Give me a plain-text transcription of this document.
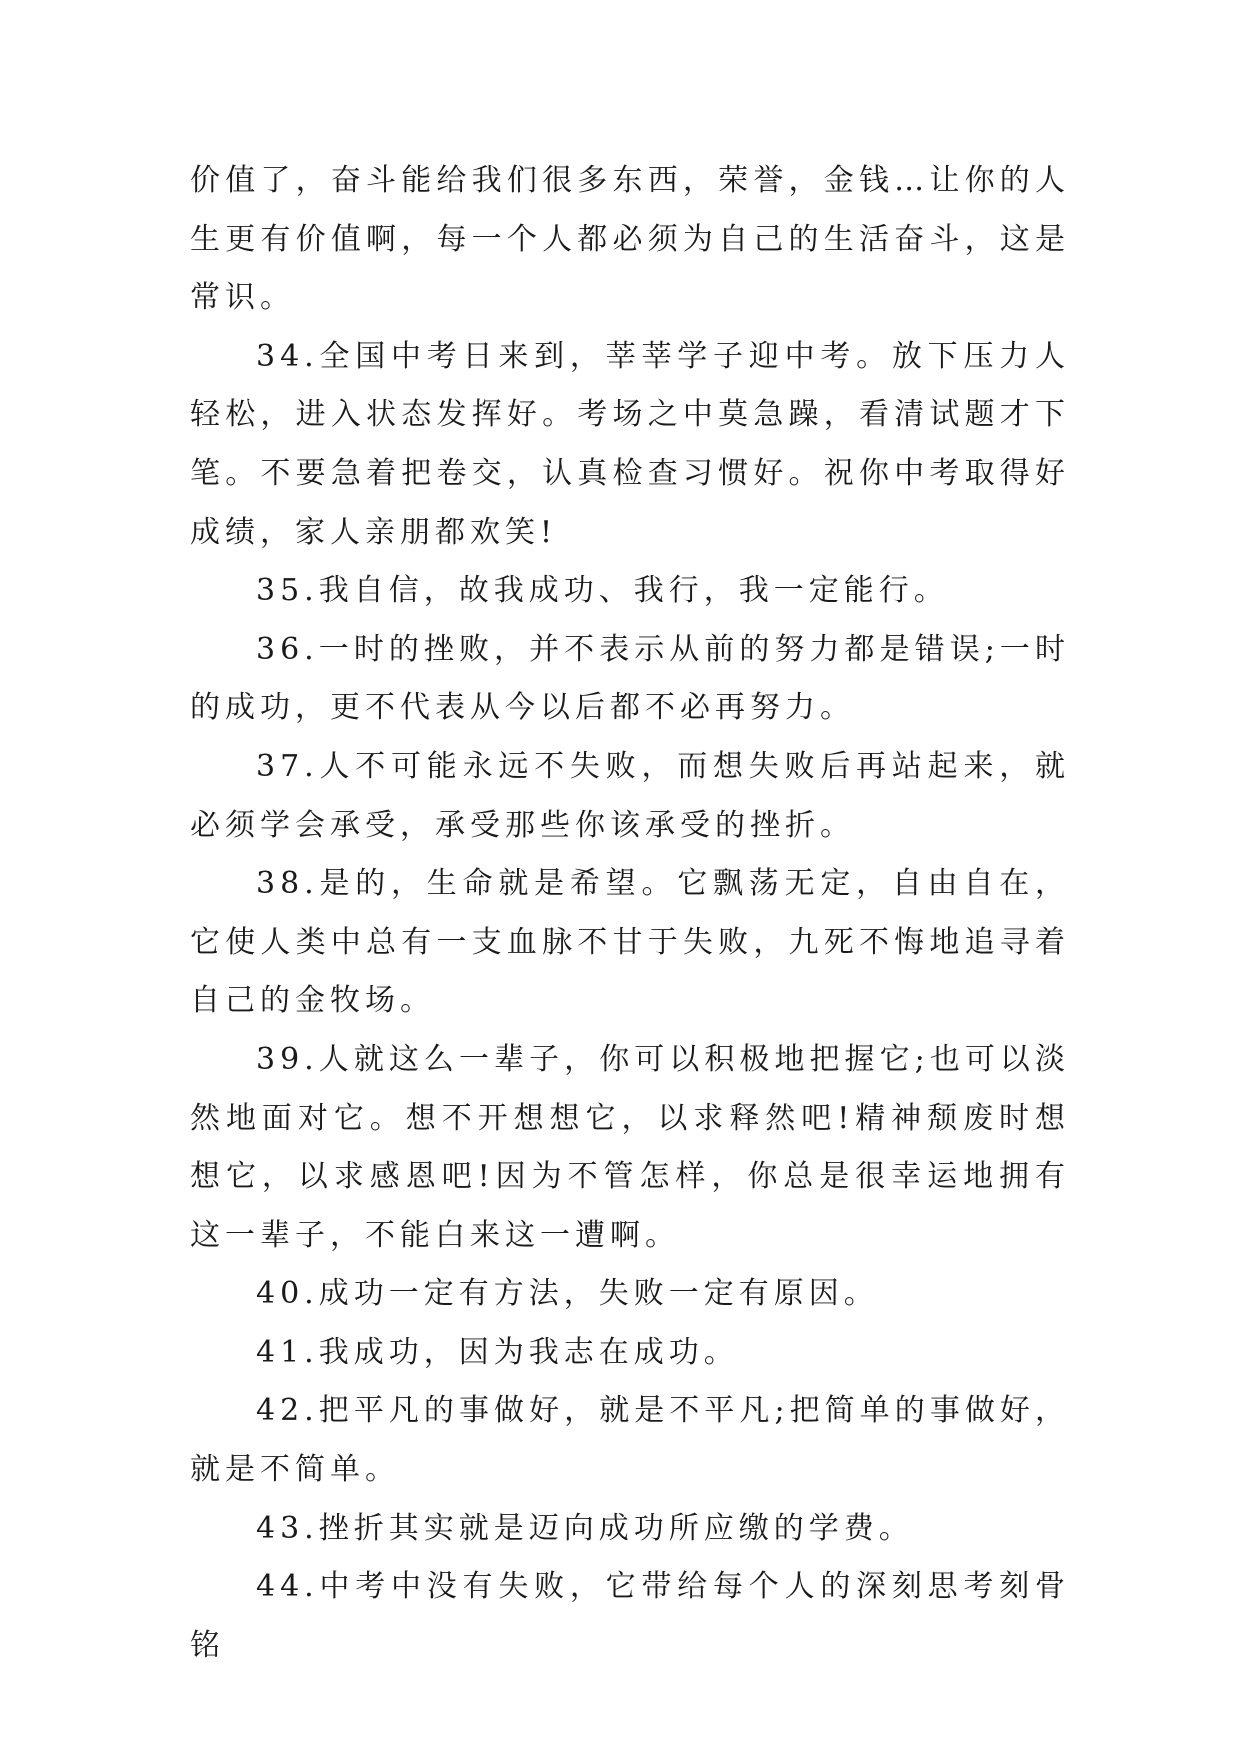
价值了，奋斗能给我们很多东西，荣誉，金钱…让你的人生更有价值啊，每一个人都必须为自己的生活奋斗，这是常识。

34.全国中考日来到，莘莘学子迎中考。放下压力人轻松，进入状态发挥好。考场之中莫急躁，看清试题才下笔。不要急着把卷交，认真检查习惯好。祝你中考取得好成绩，家人亲朋都欢笑!

35.我自信，故我成功、我行，我一定能行。

36.一时的挫败，并不表示从前的努力都是错误;一时的成功，更不代表从今以后都不必再努力。

37.人不可能永远不失败，而想失败后再站起来，就必须学会承受，承受那些你该承受的挫折。

38.是的，生命就是希望。它飘荡无定，自由自在，它使人类中总有一支血脉不甘于失败，九死不悔地追寻着自己的金牧场。

39.人就这么一辈子，你可以积极地把握它;也可以淡然地面对它。想不开想想它，以求释然吧!精神颓废时想想它，以求感恩吧!因为不管怎样，你总是很幸运地拥有这一辈子，不能白来这一遭啊。

40.成功一定有方法，失败一定有原因。

41.我成功，因为我志在成功。

42.把平凡的事做好，就是不平凡;把简单的事做好，就是不简单。

43.挫折其实就是迈向成功所应缴的学费。

44.中考中没有失败，它带给每个人的深刻思考刻骨铭
